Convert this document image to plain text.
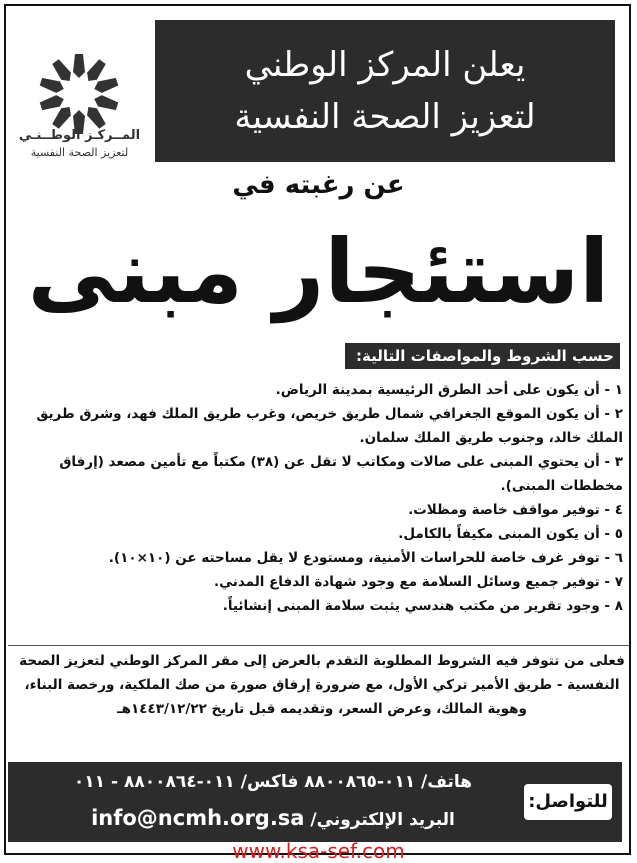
المــركـز الوطــنـي
لتعزيز الصحة النفسية
يعلن المركز الوطني
لتعزيز الصحة النفسية
عن رغبته في
استئجار مبنى
حسب الشروط والمواصفات التالية:
١ - أن يكون على أحد الطرق الرئيسية بمدينة الرياض.
٢ - أن يكون الموقع الجغرافي شمال طريق خريص، وغرب طريق الملك فهد، وشرق طريق الملك خالد، وجنوب طريق الملك سلمان.
٣ - أن يحتوي المبنى على صالات ومكاتب لا تقل عن (٣٨) مكتباً مع تأمين مصعد (إرفاق مخططات المبنى).
٤ - توفير مواقف خاصة ومظلات.
٥ - أن يكون المبنى مكيفاً بالكامل.
٦ - توفر غرف خاصة للحراسات الأمنية، ومستودع لا يقل مساحته عن (١٠×١٠).
٧ - توفير جميع وسائل السلامة مع وجود شهادة الدفاع المدني.
٨ - وجود تقرير من مكتب هندسي يثبت سلامة المبنى إنشائياً.
فعلى من تتوفر فيه الشروط المطلوبة التقدم بالعرض إلى مقر المركز الوطني لتعزيز الصحة النفسية - طريق الأمير تركي الأول، مع ضرورة إرفاق صورة من صك الملكية، ورخصة البناء، وهوية المالك، وعرض السعر، وتقديمه قبل تاريخ ١٤٤٣/١٢/٢٢هـ
للتواصل:
هاتف/ ٠١١-٨٨٠٠٨٦٥ فاكس/ ٠١١-٨٨٠٠٨٦٤ - ٠١١
البريد الإلكتروني/ info@ncmh.org.sa
www.ksa-sef.com
